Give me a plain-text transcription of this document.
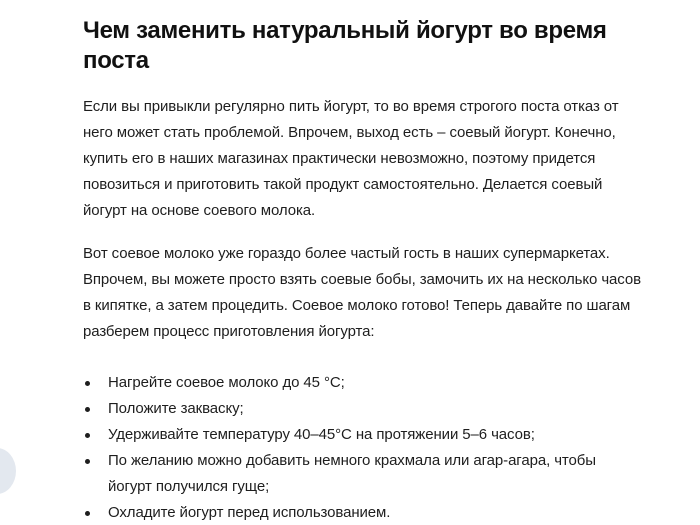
Чем заменить натуральный йогурт во время поста

Если вы привыкли регулярно пить йогурт, то во время строгого поста отказ от него может стать проблемой. Впрочем, выход есть – соевый йогурт. Конечно, купить его в наших магазинах практически невозможно, поэтому придется повозиться и приготовить такой продукт самостоятельно. Делается соевый йогурт на основе соевого молока.

Вот соевое молоко уже гораздо более частый гость в наших супермаркетах. Впрочем, вы можете просто взять соевые бобы, замочить их на несколько часов в кипятке, а затем процедить. Соевое молоко готово! Теперь давайте по шагам разберем процесс приготовления йогурта:

Нагрейте соевое молоко до 45 °С;
Положите закваску;
Удерживайте температуру 40–45°С на протяжении 5–6 часов;
По желанию можно добавить немного крахмала или агар-агара, чтобы йогурт получился гуще;
Охладите йогурт перед использованием.
